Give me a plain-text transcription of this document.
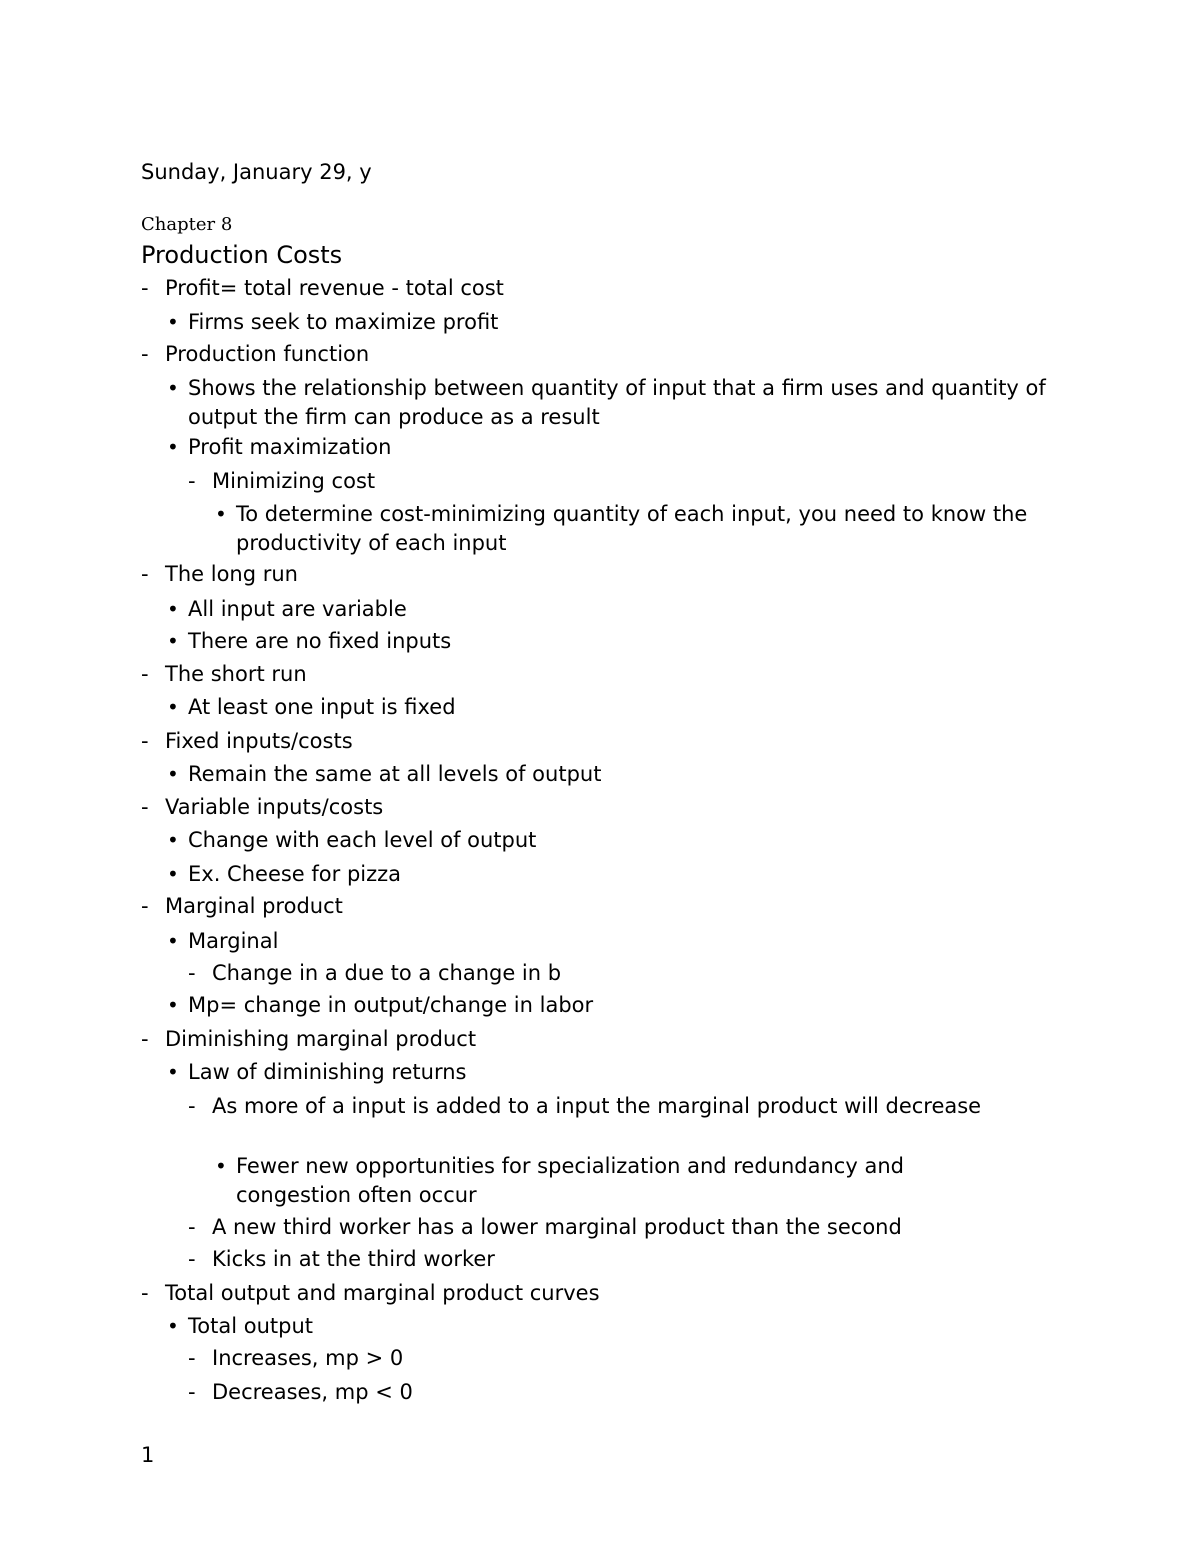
Sunday, January 29, y
Chapter 8
Production Costs
- Profit= total revenue - total cost
• Firms seek to maximize profit
- Production function
• Shows the relationship between quantity of input that a firm uses and quantity of output the firm can produce as a result
• Profit maximization
- Minimizing cost
• To determine cost-minimizing quantity of each input, you need to know the productivity of each input
- The long run
• All input are variable
• There are no fixed inputs
- The short run
• At least one input is fixed
- Fixed inputs/costs
• Remain the same at all levels of output
- Variable inputs/costs
• Change with each level of output
• Ex. Cheese for pizza
- Marginal product
• Marginal
- Change in a due to a change in b
• Mp= change in output/change in labor
- Diminishing marginal product
• Law of diminishing returns
- As more of a input is added to a input the marginal product will decrease
• Fewer new opportunities for specialization and redundancy and congestion often occur
- A new third worker has a lower marginal product than the second
- Kicks in at the third worker
- Total output and marginal product curves
• Total output
- Increases, mp > 0
- Decreases, mp < 0
1
